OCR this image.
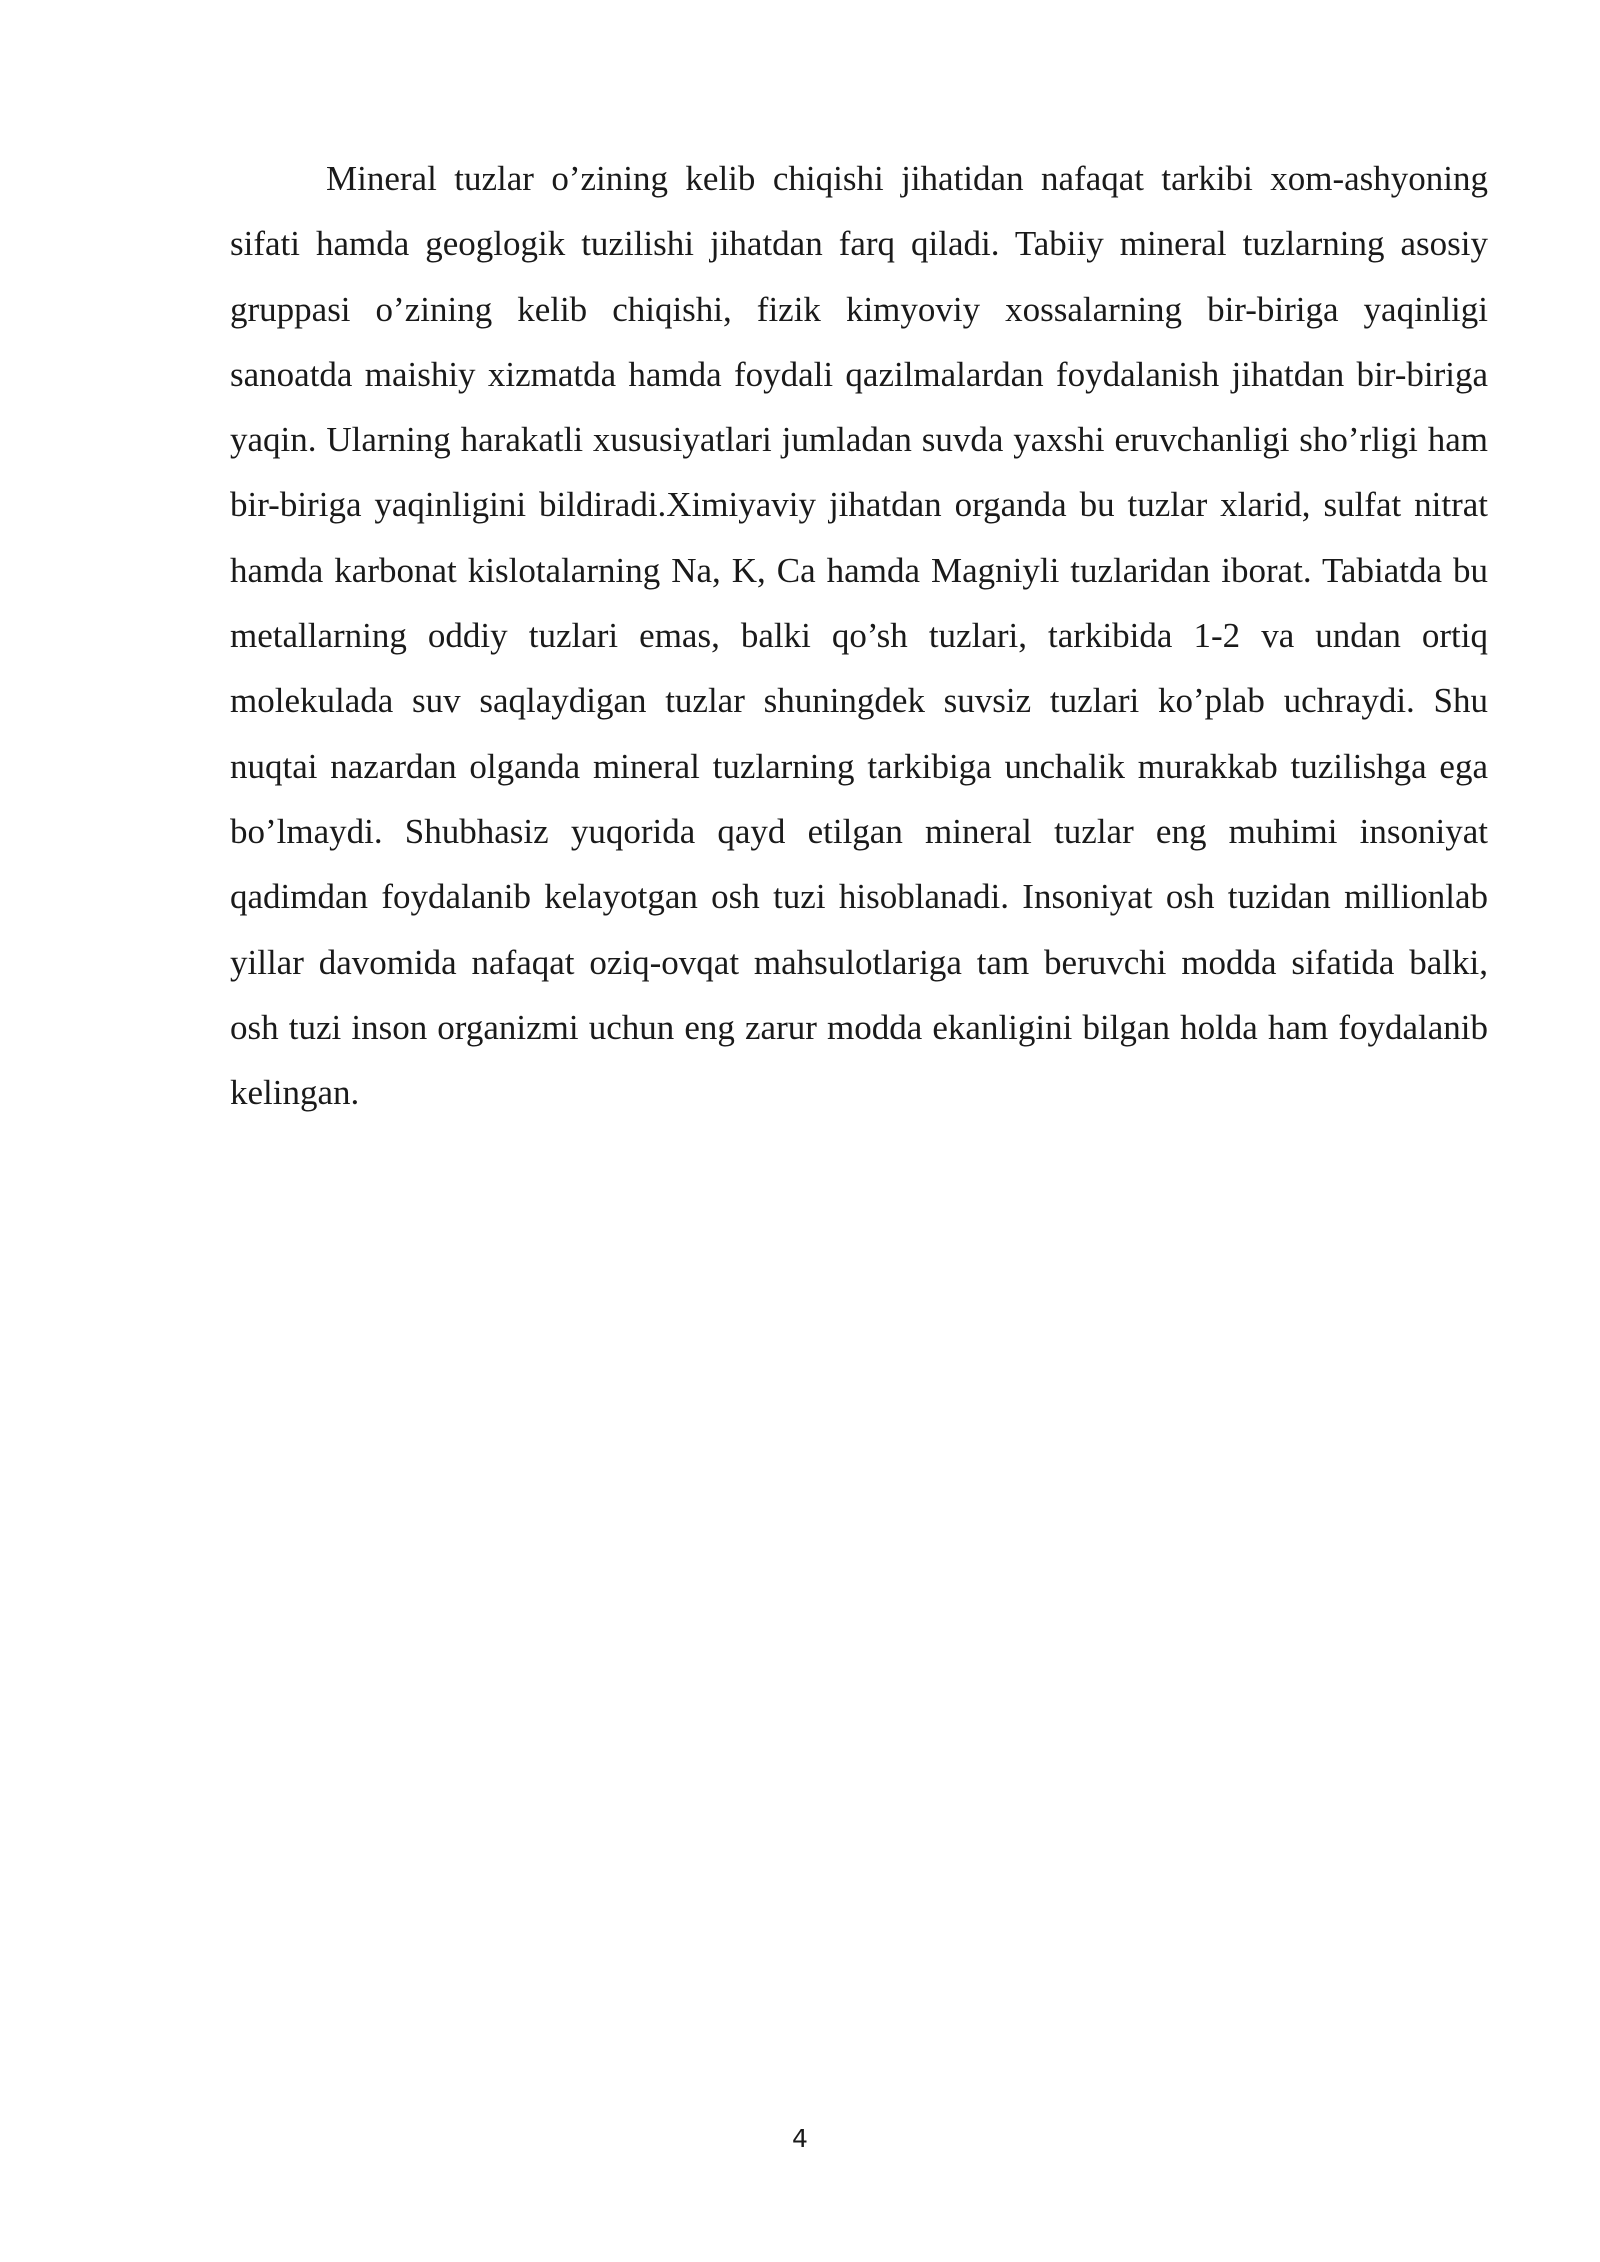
Mineral tuzlar o’zining kelib chiqishi jihatidan nafaqat tarkibi xom-ashyoning sifati hamda geoglogik tuzilishi jihatdan farq qiladi. Tabiiy mineral tuzlarning asosiy gruppasi o’zining kelib chiqishi, fizik kimyoviy xossalarning bir-biriga yaqinligi sanoatda maishiy xizmatda hamda foydali qazilmalardan foydalanish jihatdan bir-biriga yaqin. Ularning harakatli xususiyatlari jumladan suvda yaxshi eruvchanligi sho’rligi ham bir-biriga yaqinligini bildiradi.Ximiyaviy jihatdan organda bu tuzlar xlarid, sulfat nitrat hamda karbonat kislotalarning Na, K, Ca hamda Magniyli tuzlaridan iborat. Tabiatda bu metallarning oddiy tuzlari emas, balki qo’sh tuzlari, tarkibida 1-2 va undan ortiq molekulada suv saqlaydigan tuzlar shuningdek suvsiz tuzlari ko’plab uchraydi. Shu nuqtai nazardan olganda mineral tuzlarning tarkibiga unchalik murakkab tuzilishga ega bo’lmaydi. Shubhasiz yuqorida qayd etilgan mineral tuzlar eng muhimi insoniyat qadimdan foydalanib kelayotgan osh tuzi hisoblanadi. Insoniyat osh tuzidan millionlab yillar davomida nafaqat oziq-ovqat mahsulotlariga tam beruvchi modda sifatida balki, osh tuzi inson organizmi uchun eng zarur modda ekanligini bilgan holda ham foydalanib kelingan.

4
